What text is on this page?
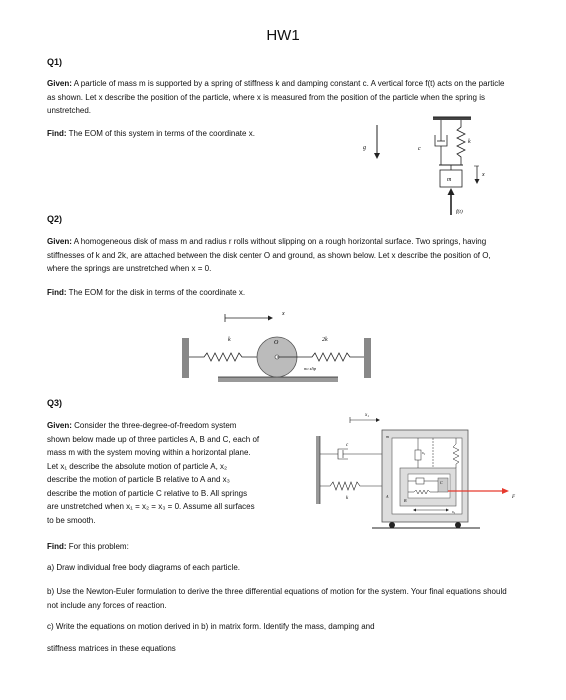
HW1
Q1)
Given: A particle of mass m is supported by a spring of stiffness k and damping constant c. A vertical force f(t) acts on the particle as shown. Let x describe the position of the particle, where x is measured from the position of the particle when the spring is unstretched.
Find: The EOM of this system in terms of the coordinate x.
g	c
k
m
x
f(t)
Q2)
Given: A homogeneous disk of mass m and radius r rolls without slipping on a rough horizontal surface. Two springs, having stiffnesses of k and 2k, are attached between the disk center O and ground, as shown below. Let x describe the position of O, where the springs are unstretched when x = 0.
Find: The EOM for the disk in terms of the coordinate x.
x
k	O	2k
no slip
Q3)
Given: Consider the three-degree-of-freedom system
shown below made up of three particles A, B and C, each of
mass m with the system moving within a horizontal plane.
Let x₁ describe the absolute motion of particle A, x₂
describe the motion of particle B relative to A and x₃
describe the motion of particle C relative to B. All springs
are unstretched when x₁ = x₂ = x₃ = 0. Assume all surfaces
to be smooth.
x₁
c
k
m
A
B
x₂
C
x₃
F
Find: For this problem:
a) Draw individual free body diagrams of each particle.
b) Use the Newton-Euler formulation to derive the three differential equations of motion for the system. Your final equations should not include any forces of reaction.
c) Write the equations on motion derived in b) in matrix form. Identify the mass, damping and
stiffness matrices in these equations
